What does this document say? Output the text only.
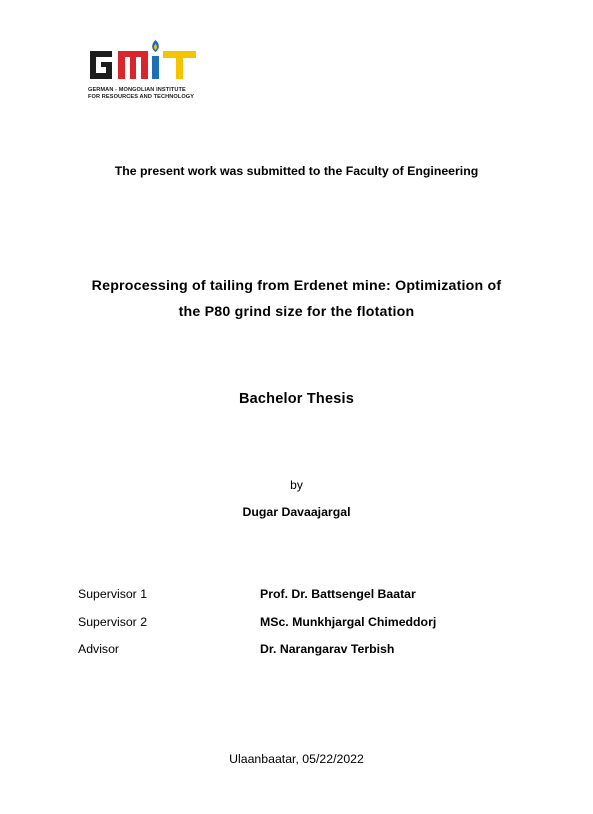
GERMAN - MONGOLIAN INSTITUTE
FOR RESOURCES AND TECHNOLOGY
The present work was submitted to the Faculty of Engineering
Reprocessing of tailing from Erdenet mine: Optimization of
the P80 grind size for the flotation
Bachelor Thesis
by
Dugar Davaajargal
Supervisor 1	Prof. Dr. Battsengel Baatar
Supervisor 2	MSc. Munkhjargal Chimeddorj
Advisor	Dr. Narangarav Terbish
Ulaanbaatar, 05/22/2022
